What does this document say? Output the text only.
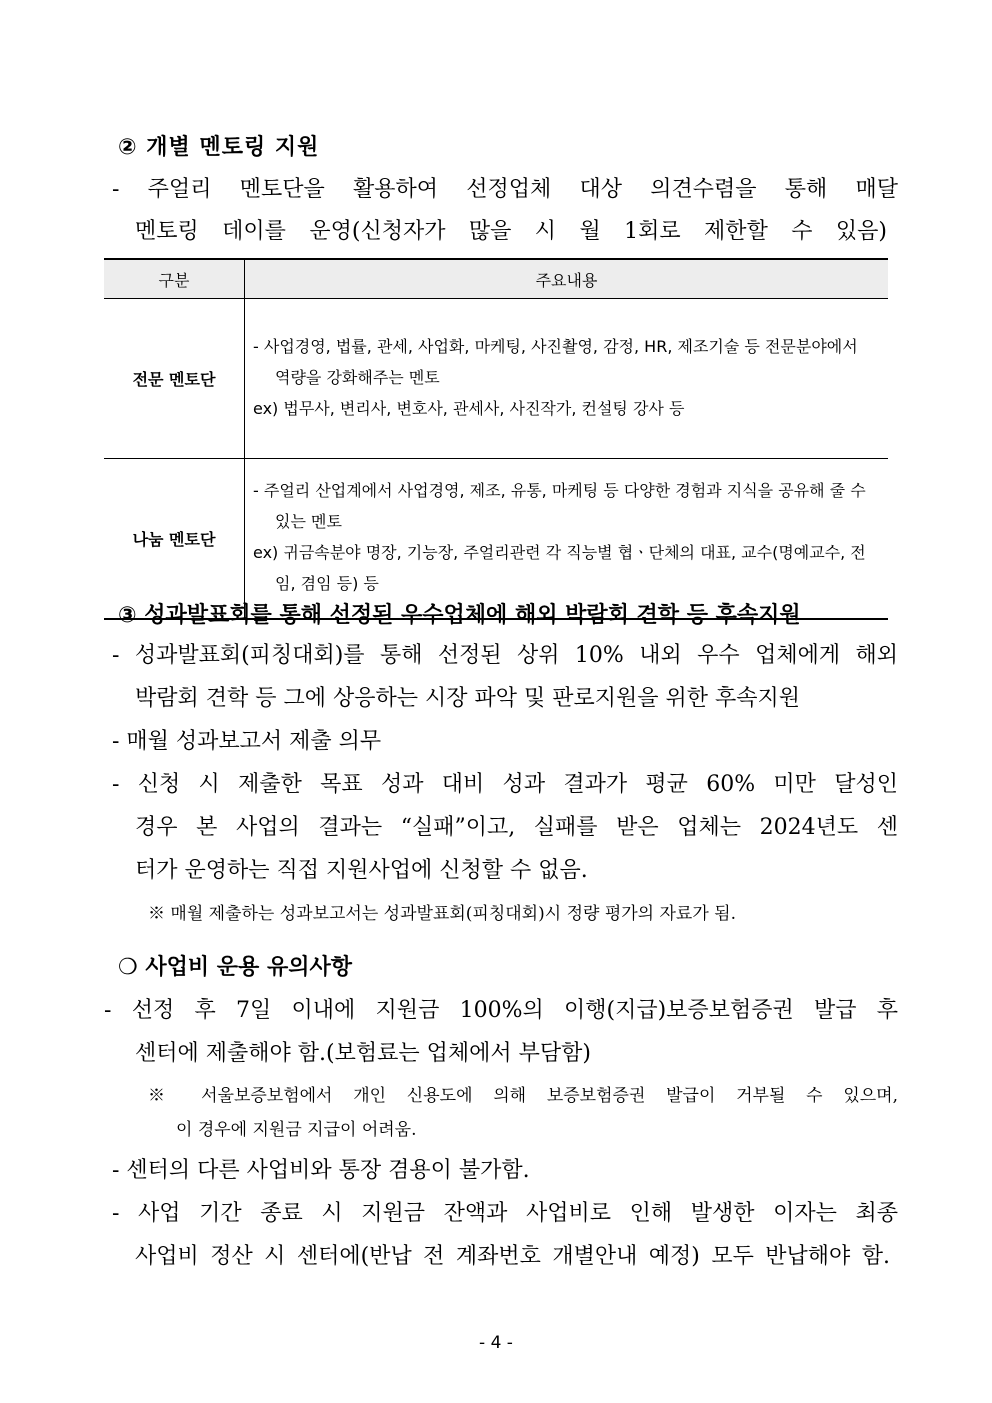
② 개별 멘토링 지원
- 주얼리 멘토단을 활용하여 선정업체 대상 의견수렴을 통해 매달
멘토링 데이를 운영(신청자가 많을 시 월 1회로 제한할 수 있음)
구분	주요내용
전문 멘토단	- 사업경영, 법률, 관세, 사업화, 마케팅, 사진촬영, 감정, HR, 제조기술 등 전문분야에서 역량을 강화해주는 멘토
ex) 법무사, 변리사, 변호사, 관세사, 사진작가, 컨설팅 강사 등

나눔 멘토단	- 주얼리 산업계에서 사업경영, 제조, 유통, 마케팅 등 다양한 경험과 지식을 공유해 줄 수 있는 멘토
ex) 귀금속분야 명장, 기능장, 주얼리관련 각 직능별 협ㆍ단체의 대표, 교수(명예교수, 전임, 겸임 등) 등
③ 성과발표회를 통해 선정된 우수업체에 해외 박람회 견학 등 후속지원
- 성과발표회(피칭대회)를 통해 선정된 상위 10% 내외 우수 업체에게 해외
박람회 견학 등 그에 상응하는 시장 파악 및 판로지원을 위한 후속지원
- 매월 성과보고서 제출 의무
- 신청 시 제출한 목표 성과 대비 성과 결과가 평균 60% 미만 달성인
경우 본 사업의 결과는 “실패”이고, 실패를 받은 업체는 2024년도 센
터가 운영하는 직접 지원사업에 신청할 수 없음.
※ 매월 제출하는 성과보고서는 성과발표회(피칭대회)시 정량 평가의 자료가 됨.
❍ 사업비 운용 유의사항
- 선정 후 7일 이내에 지원금 100%의 이행(지급)보증보험증권 발급 후
센터에 제출해야 함.(보험료는 업체에서 부담함)
※ 서울보증보험에서 개인 신용도에 의해 보증보험증권 발급이 거부될 수 있으며,
이 경우에 지원금 지급이 어려움.
- 센터의 다른 사업비와 통장 겸용이 불가함.
- 사업 기간 종료 시 지원금 잔액과 사업비로 인해 발생한 이자는 최종
사업비 정산 시 센터에(반납 전 계좌번호 개별안내 예정) 모두 반납해야 함.
- 4 -
